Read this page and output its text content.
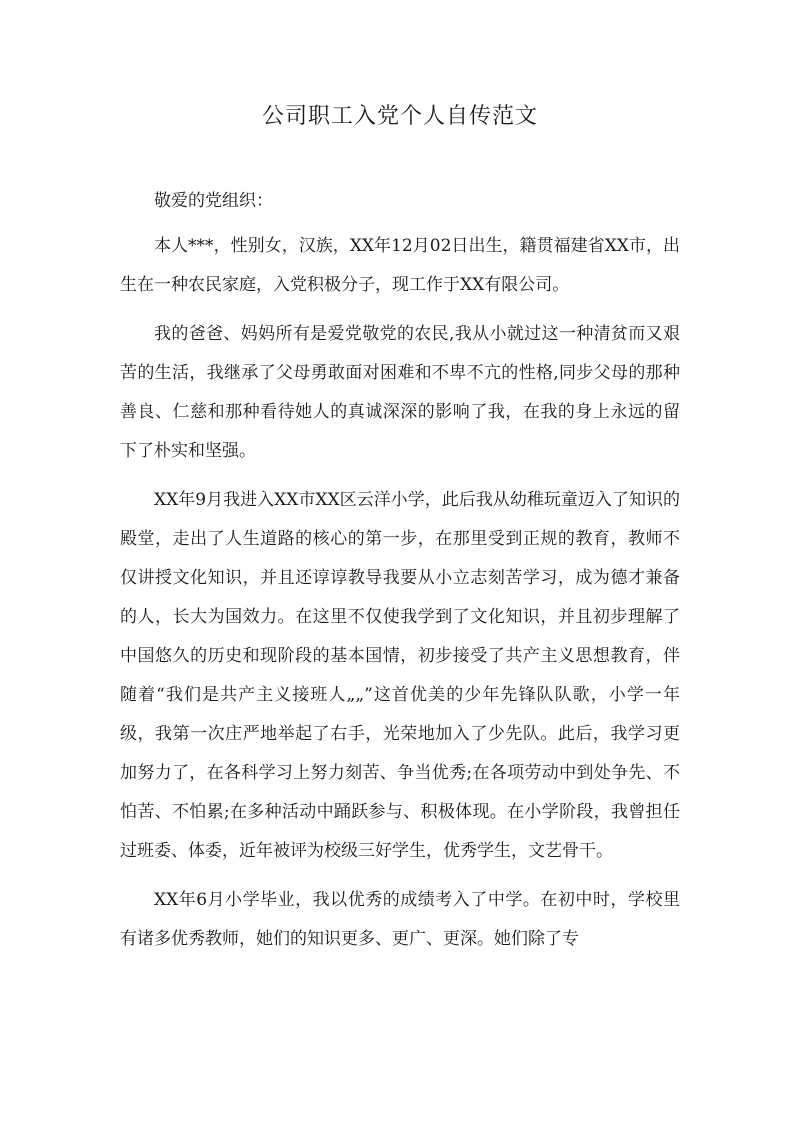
公司职工入党个人自传范文

敬爱的党组织：

本人***，性别女，汉族，XX年12月02日出生，籍贯福建省XX市，出生在一种农民家庭，入党积极分子，现工作于XX有限公司。

我的爸爸、妈妈所有是爱党敬党的农民,我从小就过这一种清贫而又艰苦的生活，我继承了父母勇敢面对困难和不卑不亢的性格,同步父母的那种善良、仁慈和那种看待她人的真诚深深的影响了我，在我的身上永远的留下了朴实和坚强。

XX年9月我进入XX市XX区云洋小学，此后我从幼稚玩童迈入了知识的殿堂，走出了人生道路的核心的第一步，在那里受到正规的教育，教师不仅讲授文化知识，并且还谆谆教导我要从小立志刻苦学习，成为德才兼备的人，长大为国效力。在这里不仅使我学到了文化知识，并且初步理解了中国悠久的历史和现阶段的基本国情，初步接受了共产主义思想教育，伴随着“我们是共产主义接班人„„”这首优美的少年先锋队队歌，小学一年级，我第一次庄严地举起了右手，光荣地加入了少先队。此后，我学习更加努力了，在各科学习上努力刻苦、争当优秀;在各项劳动中到处争先、不怕苦、不怕累;在多种活动中踊跃参与、积极体现。在小学阶段，我曾担任过班委、体委，近年被评为校级三好学生，优秀学生，文艺骨干。

XX年6月小学毕业，我以优秀的成绩考入了中学。在初中时，学校里有诸多优秀教师，她们的知识更多、更广、更深。她们除了专
